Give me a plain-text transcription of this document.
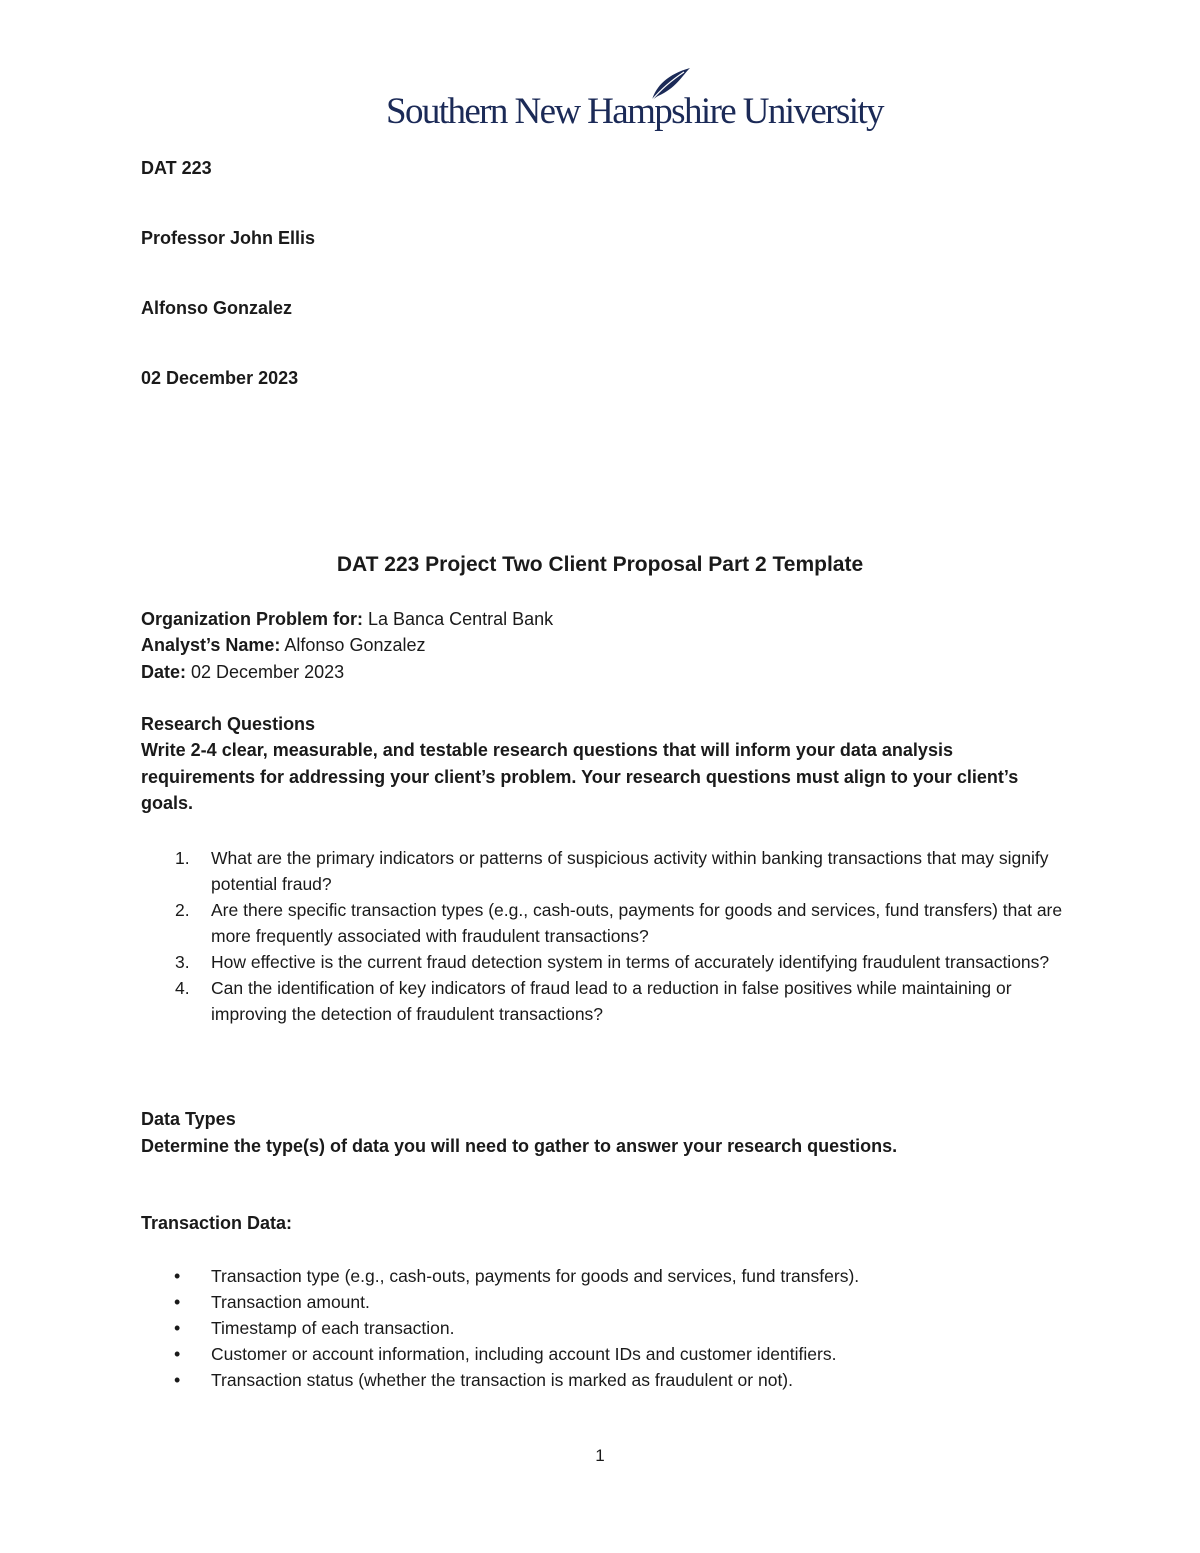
Southern New Hampshire University
DAT 223
Professor John Ellis
Alfonso Gonzalez
02 December 2023
DAT 223 Project Two Client Proposal Part 2 Template
Organization Problem for: La Banca Central Bank
Analyst’s Name: Alfonso Gonzalez
Date: 02 December 2023
Research Questions
Write 2-4 clear, measurable, and testable research questions that will inform your data analysis requirements for addressing your client’s problem. Your research questions must align to your client’s goals.
1. What are the primary indicators or patterns of suspicious activity within banking transactions that may signify potential fraud?
2. Are there specific transaction types (e.g., cash-outs, payments for goods and services, fund transfers) that are more frequently associated with fraudulent transactions?
3. How effective is the current fraud detection system in terms of accurately identifying fraudulent transactions?
4. Can the identification of key indicators of fraud lead to a reduction in false positives while maintaining or improving the detection of fraudulent transactions?
Data Types
Determine the type(s) of data you will need to gather to answer your research questions.
Transaction Data:
• Transaction type (e.g., cash-outs, payments for goods and services, fund transfers).
• Transaction amount.
• Timestamp of each transaction.
• Customer or account information, including account IDs and customer identifiers.
• Transaction status (whether the transaction is marked as fraudulent or not).
1
